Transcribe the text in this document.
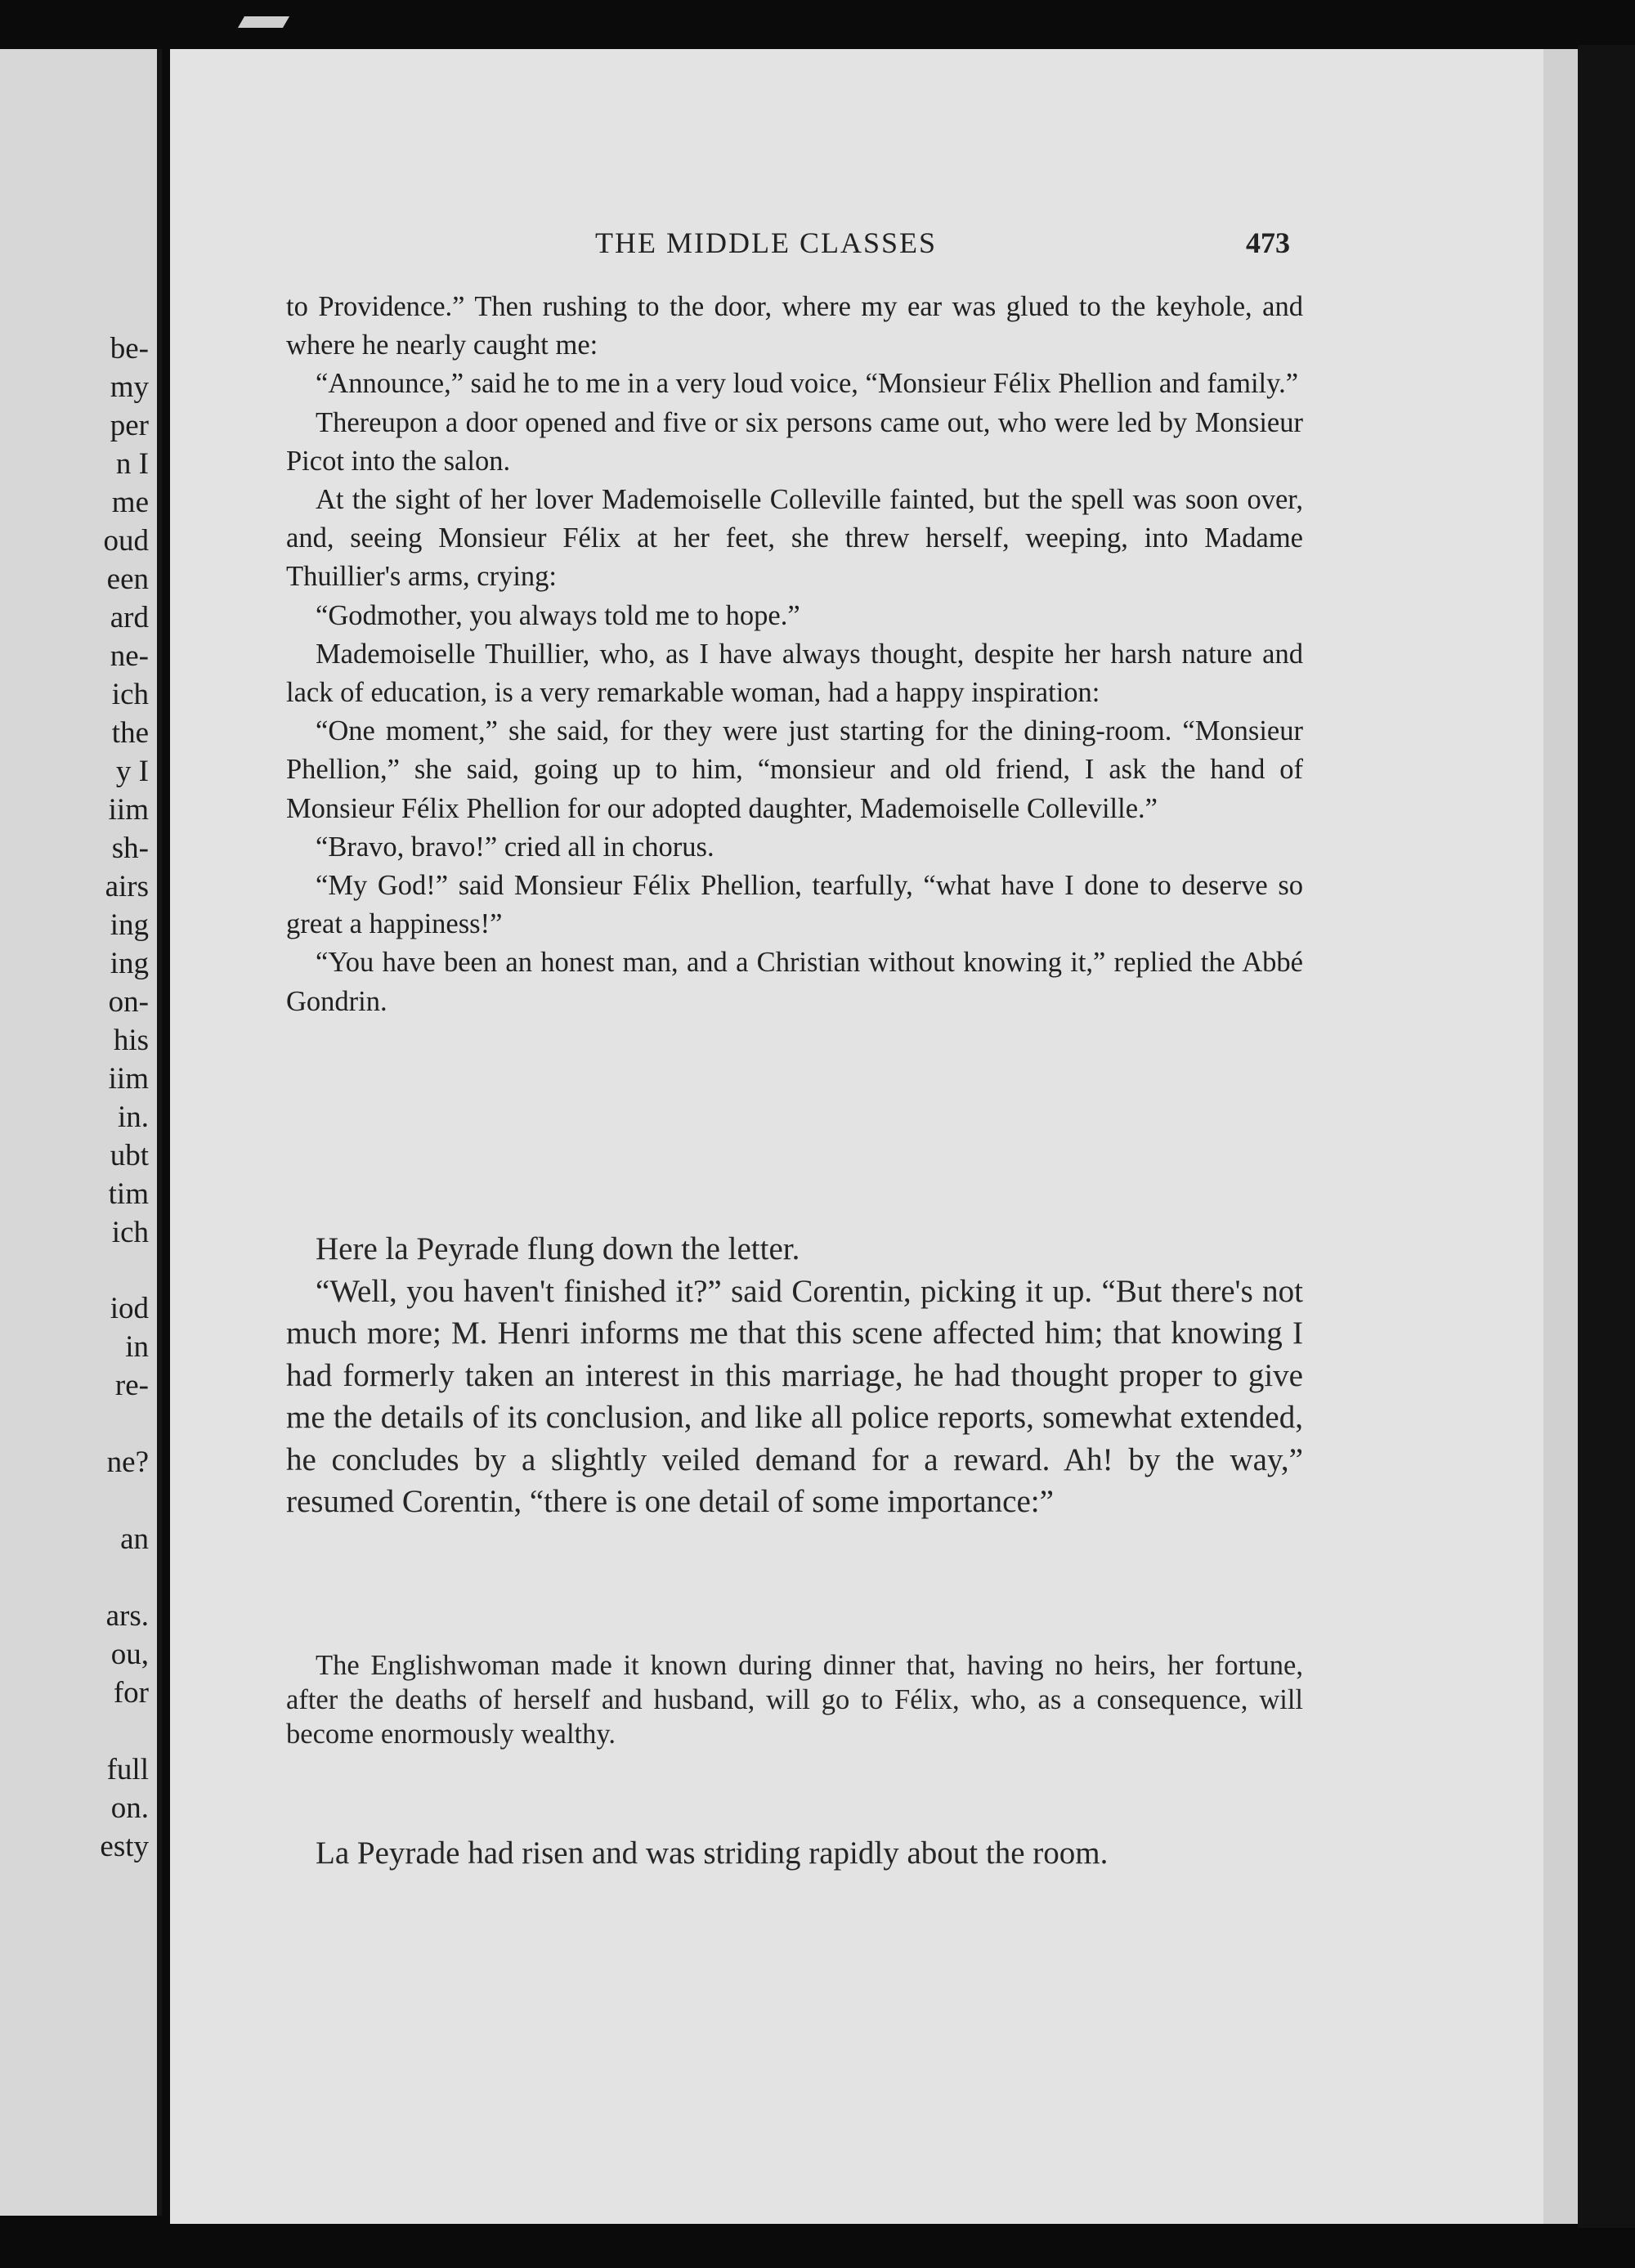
be-
my
per
n I
me
oud
een
ard
ne-
ich
the
y I
iim
sh-
airs
ing
ing
on-
his
iim
in.
ubt
tim
ich
iod
in
re-
ne?
an
ars.
ou,
for
full
on.
esty
THE MIDDLE CLASSES	473

to Providence.” Then rushing to the door, where my ear was glued to the keyhole, and where he nearly caught me:

“Announce,” said he to me in a very loud voice, “Monsieur Félix Phellion and family.”

Thereupon a door opened and five or six persons came out, who were led by Monsieur Picot into the salon.

At the sight of her lover Mademoiselle Colleville fainted, but the spell was soon over, and, seeing Monsieur Félix at her feet, she threw herself, weeping, into Madame Thuillier's arms, crying:

“Godmother, you always told me to hope.”

Mademoiselle Thuillier, who, as I have always thought, despite her harsh nature and lack of education, is a very remarkable woman, had a happy inspiration:

“One moment,” she said, for they were just starting for the dining-room. “Monsieur Phellion,” she said, going up to him, “monsieur and old friend, I ask the hand of Monsieur Félix Phellion for our adopted daughter, Mademoiselle Colleville.”

“Bravo, bravo!” cried all in chorus.

“My God!” said Monsieur Félix Phellion, tearfully, “what have I done to deserve so great a happiness!”

“You have been an honest man, and a Christian without knowing it,” replied the Abbé Gondrin.

Here la Peyrade flung down the letter.

“Well, you haven't finished it?” said Corentin, picking it up. “But there's not much more; M. Henri informs me that this scene affected him; that knowing I had formerly taken an interest in this marriage, he had thought proper to give me the details of its conclusion, and like all police reports, somewhat extended, he concludes by a slightly veiled demand for a reward. Ah! by the way,” resumed Corentin, “there is one detail of some importance:”

The Englishwoman made it known during dinner that, having no heirs, her fortune, after the deaths of herself and husband, will go to Félix, who, as a consequence, will become enormously wealthy.

La Peyrade had risen and was striding rapidly about the room.
